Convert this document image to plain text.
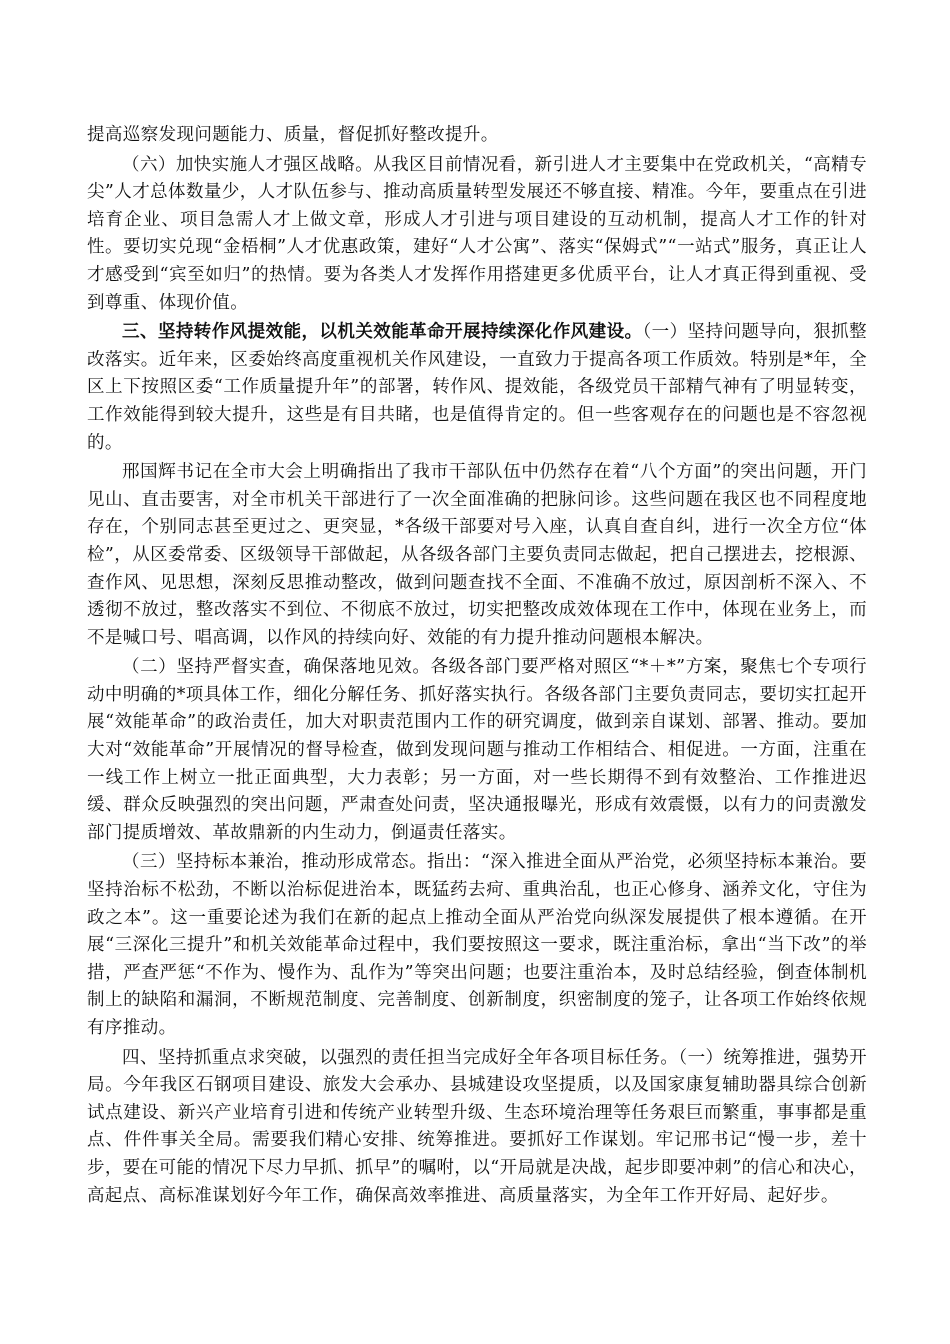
提高巡察发现问题能力、质量，督促抓好整改提升。

（六）加快实施人才强区战略。从我区目前情况看，新引进人才主要集中在党政机关，“高精专尖”人才总体数量少，人才队伍参与、推动高质量转型发展还不够直接、精准。今年，要重点在引进培育企业、项目急需人才上做文章，形成人才引进与项目建设的互动机制，提高人才工作的针对性。要切实兑现“金梧桐”人才优惠政策，建好“人才公寓”、落实“保姆式”“一站式”服务，真正让人才感受到“宾至如归”的热情。要为各类人才发挥作用搭建更多优质平台，让人才真正得到重视、受到尊重、体现价值。

三、坚持转作风提效能，以机关效能革命开展持续深化作风建设。（一）坚持问题导向，狠抓整改落实。近年来，区委始终高度重视机关作风建设，一直致力于提高各项工作质效。特别是*年，全区上下按照区委“工作质量提升年”的部署，转作风、提效能，各级党员干部精气神有了明显转变，工作效能得到较大提升，这些是有目共睹，也是值得肯定的。但一些客观存在的问题也是不容忽视的。

邢国辉书记在全市大会上明确指出了我市干部队伍中仍然存在着“八个方面”的突出问题，开门见山、直击要害，对全市机关干部进行了一次全面准确的把脉问诊。这些问题在我区也不同程度地存在，个别同志甚至更过之、更突显，*各级干部要对号入座，认真自查自纠，进行一次全方位“体检”，从区委常委、区级领导干部做起，从各级各部门主要负责同志做起，把自己摆进去，挖根源、查作风、见思想，深刻反思推动整改，做到问题查找不全面、不准确不放过，原因剖析不深入、不透彻不放过，整改落实不到位、不彻底不放过，切实把整改成效体现在工作中，体现在业务上，而不是喊口号、唱高调，以作风的持续向好、效能的有力提升推动问题根本解决。

（二）坚持严督实查，确保落地见效。各级各部门要严格对照区“*＋*”方案，聚焦七个专项行动中明确的*项具体工作，细化分解任务、抓好落实执行。各级各部门主要负责同志，要切实扛起开展“效能革命”的政治责任，加大对职责范围内工作的研究调度，做到亲自谋划、部署、推动。要加大对“效能革命”开展情况的督导检查，做到发现问题与推动工作相结合、相促进。一方面，注重在一线工作上树立一批正面典型，大力表彰；另一方面，对一些长期得不到有效整治、工作推进迟缓、群众反映强烈的突出问题，严肃查处问责，坚决通报曝光，形成有效震慑，以有力的问责激发部门提质增效、革故鼎新的内生动力，倒逼责任落实。

（三）坚持标本兼治，推动形成常态。指出：“深入推进全面从严治党，必须坚持标本兼治。要坚持治标不松劲，不断以治标促进治本，既猛药去疴、重典治乱，也正心修身、涵养文化，守住为政之本”。这一重要论述为我们在新的起点上推动全面从严治党向纵深发展提供了根本遵循。在开展“三深化三提升”和机关效能革命过程中，我们要按照这一要求，既注重治标，拿出“当下改”的举措，严查严惩“不作为、慢作为、乱作为”等突出问题；也要注重治本，及时总结经验，倒查体制机制上的缺陷和漏洞，不断规范制度、完善制度、创新制度，织密制度的笼子，让各项工作始终依规有序推动。

四、坚持抓重点求突破，以强烈的责任担当完成好全年各项目标任务。（一）统筹推进，强势开局。今年我区石钢项目建设、旅发大会承办、县城建设攻坚提质，以及国家康复辅助器具综合创新试点建设、新兴产业培育引进和传统产业转型升级、生态环境治理等任务艰巨而繁重，事事都是重点、件件事关全局。需要我们精心安排、统筹推进。要抓好工作谋划。牢记邢书记“慢一步，差十步，要在可能的情况下尽力早抓、抓早”的嘱咐，以“开局就是决战，起步即要冲刺”的信心和决心，高起点、高标准谋划好今年工作，确保高效率推进、高质量落实，为全年工作开好局、起好步。
